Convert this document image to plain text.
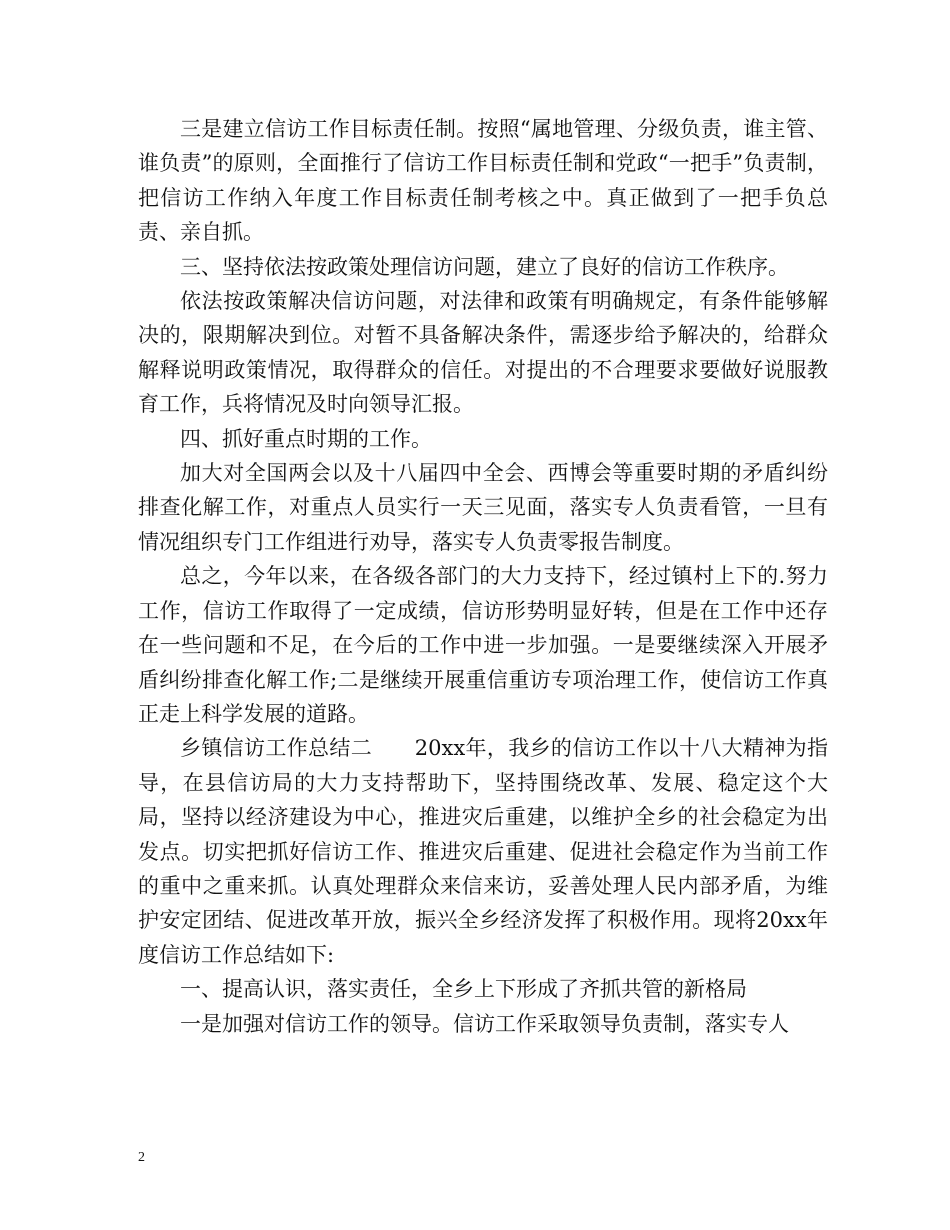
三是建立信访工作目标责任制。按照“属地管理、分级负责，谁主管、谁负责”的原则，全面推行了信访工作目标责任制和党政“一把手”负责制，把信访工作纳入年度工作目标责任制考核之中。真正做到了一把手负总责、亲自抓。

三、坚持依法按政策处理信访问题，建立了良好的信访工作秩序。

依法按政策解决信访问题，对法律和政策有明确规定，有条件能够解决的，限期解决到位。对暂不具备解决条件，需逐步给予解决的，给群众解释说明政策情况，取得群众的信任。对提出的不合理要求要做好说服教育工作，兵将情况及时向领导汇报。

四、抓好重点时期的工作。

加大对全国两会以及十八届四中全会、西博会等重要时期的矛盾纠纷排查化解工作，对重点人员实行一天三见面，落实专人负责看管，一旦有情况组织专门工作组进行劝导，落实专人负责零报告制度。

总之，今年以来，在各级各部门的大力支持下，经过镇村上下的.努力工作，信访工作取得了一定成绩，信访形势明显好转，但是在工作中还存在一些问题和不足，在今后的工作中进一步加强。一是要继续深入开展矛盾纠纷排查化解工作;二是继续开展重信重访专项治理工作，使信访工作真正走上科学发展的道路。

乡镇信访工作总结二　　20xx年，我乡的信访工作以十八大精神为指导，在县信访局的大力支持帮助下，坚持围绕改革、发展、稳定这个大局，坚持以经济建设为中心，推进灾后重建，以维护全乡的社会稳定为出发点。切实把抓好信访工作、推进灾后重建、促进社会稳定作为当前工作的重中之重来抓。认真处理群众来信来访，妥善处理人民内部矛盾，为维护安定团结、促进改革开放，振兴全乡经济发挥了积极作用。现将20xx年度信访工作总结如下:

一、提高认识，落实责任，全乡上下形成了齐抓共管的新格局

一是加强对信访工作的领导。信访工作采取领导负责制，落实专人

2
